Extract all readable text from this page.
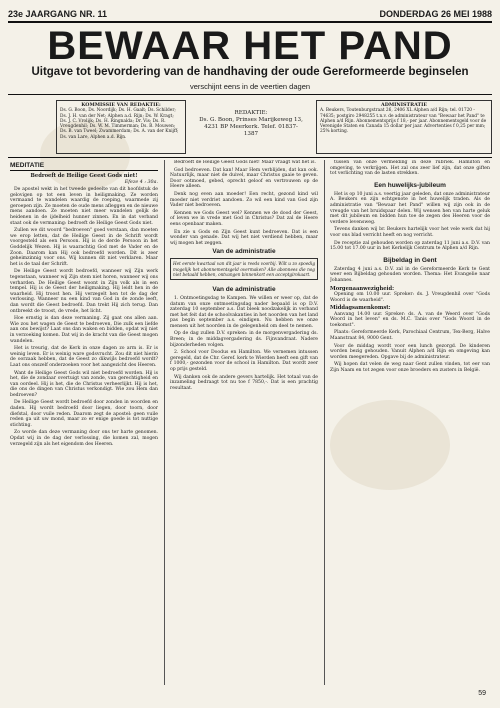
23e JAARGANG NR. 11	DONDERDAG 26 MEI 1988
BEWAAR HET PAND
Uitgave tot bevordering van de handhaving der oude Gereformeerde beginselen
verschijnt eens in de veertien dagen
KOMMISSIE VAN REDAKTIE:
Ds. G. Boon, Ds. Noordijk; Ds. H. Gaalt; Ds. Schilder; Ds. J. H. van der Net; Alphen a.d. Rijn; Ds. W. Kragt; Ds. J. C. Vrolijk; Ds. H. Ringnalda; Dr. Vis; Ds. R. Vreugdenhil; Ds. W. M. Timmerman; Ds. B. Mouwen; Ds. B. van Tweel; Zwammerdam; Ds. A. van der Knijff; Ds. van Lare, Alphen a.d. Rijn.
REDAKTIE:
Ds. G. Boon, Prinses Marijkeweg 13,
4231 BP Meerkerk. Telef. 01837-1387
ADMINISTRATIE
A. Beukers, Toutenburgstraat 26, 2406 XL Alphen a/d Rijn; tel. 01720 - 74635; postgiro 2948255 t.n.v. de administrateur van "Bewaar het Pand" te Alphen a/d Rijn. Abonnementsprijs f 18,- per jaar. Abonnementsgeld voor de Verenigde Staten en Canada 15 dollar per jaar. Advertenties f 0,25 per mm; 25% korting.
MEDITATIE
Bedroeft de Heilige Geest Gods niet!
Efeze 4 : 30a.

De apostel wekt in het tweede gedeelte van dit hoofdstuk de gelovigen op tot een leven in heiligmaking. Ze worden vermaand te wandelen waardig de roeping, waarmede zij geroepen zijn. Ze moeten de oude mens afleggen en de nieuwe mens aandoen. Ze moeten niet meer wandelen gelijk de heidenen in de ijdelheid hunner zinnen. En in dat verband staat ook de vermaning: bedroeft de Heilige Geest Gods niet.

Zullen we dit woord "bedroeven" goed verstaan, dan moeten we erop letten, dat de Heilige Geest in de Schrift wordt voorgesteld als een Persoon. Hij is de derde Persoon in het Goddelijk Wezen. Hij is waarachtig God met de Vader en de Zoon. Daarom kan Hij ook bedroefd worden. Dit is zeer geheimzinnig voor ons. Wij kunnen dit niet verklaren. Maar het is de taal der Schrift.

De Heilige Geest wordt bedroefd, wanneer wij Zijn werk tegenstaan, wanneer wij Zijn stem niet horen, wanneer wij ons verharden. De Heilige Geest woont in Zijn volk als in een tempel. Hij is de Geest der heiligmaking. Hij leidt hen in de waarheid. Hij troost hen. Hij verzegelt hen tot de dag der verlossing. Wanneer nu een kind van God in de zonde leeft, dan wordt die Geest bedroefd. Dan trekt Hij zich terug. Dan ontbreekt de troost, de vrede, het licht.

Hoe ernstig is dan deze vermaning. Zij gaat ons allen aan. Wie zou het wagen de Geest te bedroeven, Die zulk een liefde aan ons bewijst? Laat ons dan waken en bidden, opdat wij niet in verzoeking komen. Dat wij in de kracht van die Geest mogen wandelen.

Het is treurig, dat de Kerk in onze dagen zo arm is. Er is weinig leven. Er is weinig ware godsvrucht. Zou dit niet hierin de oorzaak hebben, dat de Geest zo dikwijls bedroefd wordt? Laat ons onszelf onderzoeken voor het aangezicht des Heeren.

Want de Heilige Geest Gods wil niet bedroefd worden. Hij is het, die de zondaar overtuigt van zonde, van gerechtigheid en van oordeel. Hij is het, die de Christus verheerlijkt. Hij is het, die ons de dingen van Christus verkondigt. Wie zou Hem dan bedroeven?

De Heilige Geest wordt bedroefd door zonden in woorden en daden. Hij wordt bedroefd door liegen, door toorn, door diefstal, door vuile reden. Daarom zegt de apostel: geen vuile reden ga uit uw mond, maar zo er enige goede is tot nuttige stichting.

Zo worde dan deze vermaning door ons ter harte genomen. Opdat wij in de dag der verlossing, die komen zal, mogen verzegeld zijn als het eigendom des Heeren.

Bedroeft de Heilige Geest Gods niet! Maar vraagt wat het is.

God bedroeven. Dat kan! Maar Hem verblijden, dat kan ook. Natuurlijk, maar niet de duivel, maar Christus gaaie te geven. Door ootmoed, gebed, oprecht geloof en vertrouwen op de Heere alleen.

Denk nog even aan moeder! Een recht, gezond kind wil moeder niet verdriet aandoen. Zo wil een kind van God zijn Vader niet bedroeven.

Kennen we Gods Geest wel? Kennen we de dood der Geest, of leven we in vrede met God in Christus? Dat zal de Heere eens openbaar maken.

En zie u Gods en Zijn Geest kunt bedroeven. Dat is een wonder van genade. Dat wij het niet verdiend hebben, maar wij mogen het zeggen.

Van de administratie
Het eerste kwartaal van dit jaar is reeds voorbij. Wilt u zo spoedig mogelijk het abonnementsgeld overmaken? Alle abonnees die nog niet betaald hebben, ontvangen binnenkort een acceptgirokaart.
Van de administratie

1. Ontmoetingsdag te Kampen. We willen er weer op, dat de datum van onze ontmoetingsdag nader bepaald is op D.V. zaterdag 10 september a.s. Dat bleek noodzakelijk in verband met het feit dat de schoolvakanties in het noorden van het land pas begin september a.s. eindigen. Nu hebben we onze mensen uit het noorden in de gelegenheid om deel te nemen.

Op de dag zullen D.V. spreken: in de morgenvergadering ds. Breen; in de middagvergadering ds. Fijnvandraat. Nadere bijzonderheden volgen.

2. School voor Doodus en Hamilton. We vernemen intussen geregeld, dat de Chr. Geref. kerk te Wierden heeft een gift van f 1000,- gezonden voor de school in Hamilton. Dat wordt zeer op prijs gesteld.

Wij danken ook de andere gevers hartelijk. Het totaal van de inzameling bedraagt tot nu toe f 7850,-. Dat is een prachtig resultaat.

tussen van onze vermelding in deze rubriek. Hamilton en omgeving, te verkrijgen. Het zal ons zeer lief zijn, dat onze giften tot verlichting van de lasten strekken.

Een huwelijks-jubileum

Het is op 10 juni a.s. veertig jaar geleden, dat onze administrateur A. Beukers en zijn echtgenote in het huwelijk traden. Als de administratie van "Bewaar het Pand" willen wij zijn ook in de vreugde van het bruidspaar delen. Wij wensen hen van harte geluk met dit jubileum en bidden hun toe de zegen des Heeren voor de verdere levensweg.

Tevens danken wij br. Beukers hartelijk voor het vele werk dat hij voor ons blad verricht heeft en nog verricht.

De receptie zal gehouden worden op zaterdag 11 juni a.s. D.V. van 15.00 tot 17.00 uur in het Kerkelijk Centrum te Alphen a/d Rijn.

Bijbeldag in Gent

Zaterdag 4 juni a.s. D.V. zal in de Gereformeerde Kerk te Gent weer een Bijbeldag gehouden worden. Thema: Het Evangelie naar Johannes.

Morgenaanwezigheid:

Opening om 10.00 uur. Spreker: ds. J. Vreugdenhil over "Gods Woord is de waarheid".

Middagsamenkomst:

Aanvang 14.00 uur. Spreker: ds. A. van de Weerd over "Gods Woord in het leven" en ds. M.C. Tanis over "Gods Woord in de toekomst".

Plaats: Gereformeerde Kerk, Parochiaal Centrum, Tex-Berg, Halve Maanstraat 84, 9000 Gent.

Voor de middag wordt voor een lunch gezorgd. De kinderen worden bezig gehouden. Vanuit Alphen a/d Rijn en omgeving kan worden meegereden. Opgave bij de administrateur.

Wij hopen dat velen de weg naar Gent zullen vinden, tot eer van Zijn Naam en tot zegen voor onze broeders en zusters in België.

59
